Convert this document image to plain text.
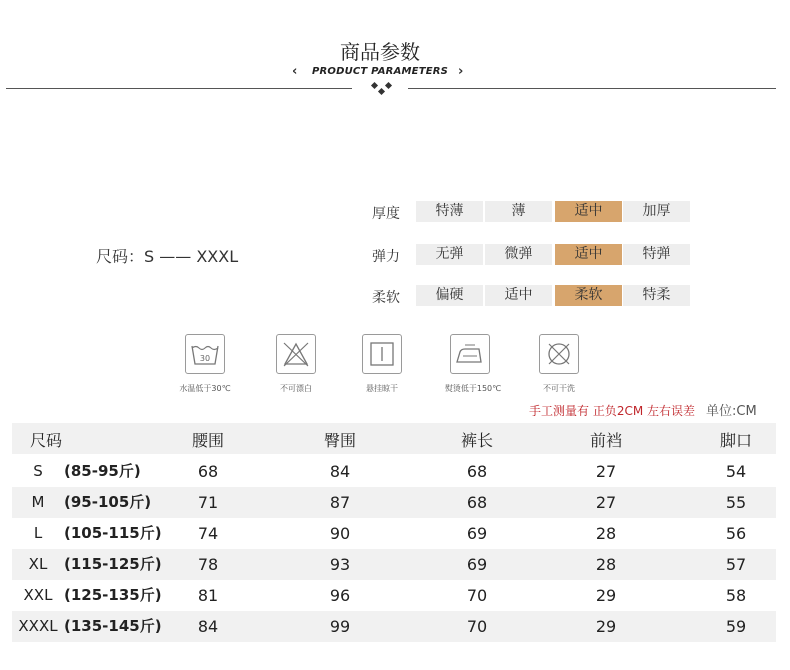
商品参数
‹	PRODUCT PARAMETERS ›
尺码：S —— XXXL
厚度	特薄	薄	适中	加厚
弹力	无弹	微弹	适中	特弹
柔软	偏硬	适中	柔软	特柔
30
水温低于30℃	不可漂白	悬挂晾干	熨烫低于150℃	不可干洗
手工测量有 正负2CM 左右误差 单位:CM
尺码	腰围	臀围	裤长	前裆	脚口
S (85-95斤)	68	84	68	27	54
M (95-105斤)	71	87	68	27	55
L (105-115斤)	74	90	69	28	56
XL (115-125斤)	78	93	69	28	57
XXL (125-135斤)	81	96	70	29	58
XXXL (135-145斤)	84	99	70	29	59
